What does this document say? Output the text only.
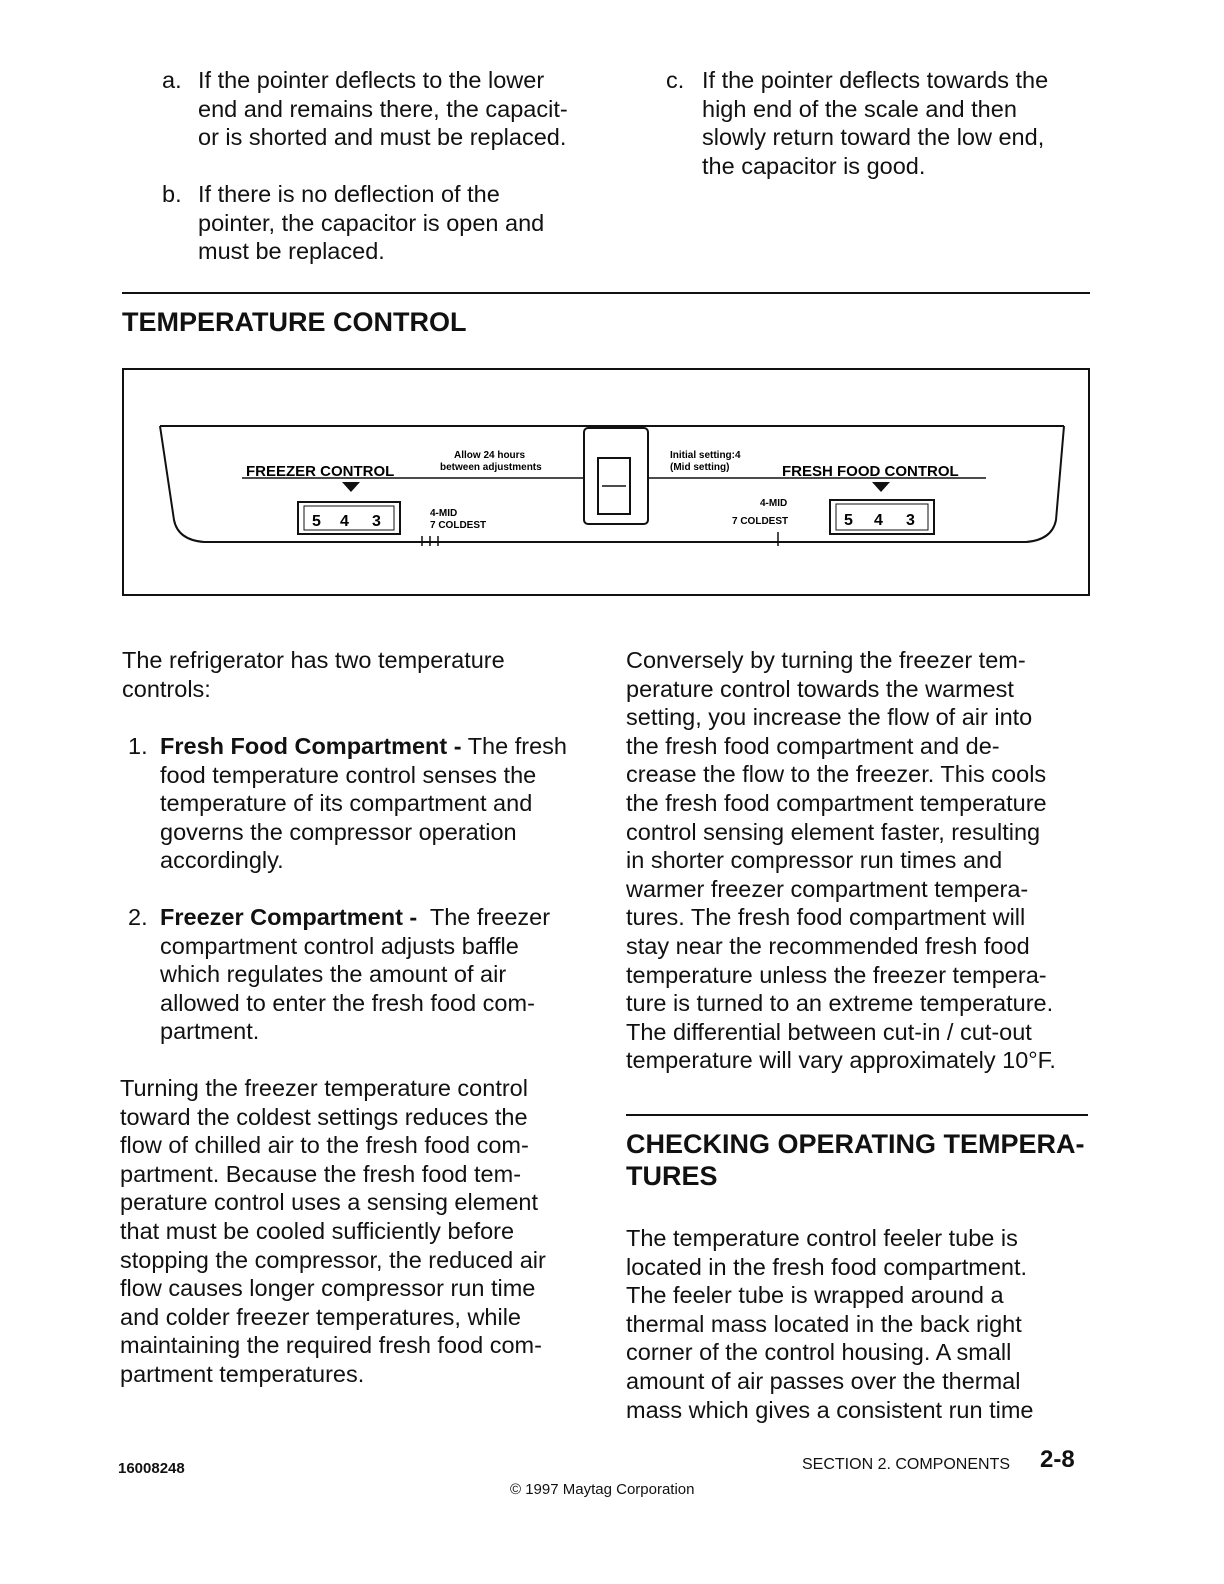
a. If the pointer deflects to the lower
end and remains there, the capacit-
or is shorted and must be replaced.
b. If there is no deflection of the
pointer, the capacitor is open and
must be replaced.
c. If the pointer deflects towards the
high end of the scale and then
slowly return toward the low end,
the capacitor is good.
TEMPERATURE CONTROL
FREEZER CONTROL
Allow 24 hours
between adjustments
5 4 3	4-MID
7 COLDEST
Initial setting:4
(Mid setting)	FRESH FOOD CONTROL
4-MID
7 COLDEST	5 4 3
The refrigerator has two temperature
controls:
1. Fresh Food Compartment - The fresh
food temperature control senses the
temperature of its compartment and
governs the compressor operation
accordingly.
2. Freezer Compartment -  The freezer
compartment control adjusts baffle
which regulates the amount of air
allowed to enter the fresh food com-
partment.
Turning the freezer temperature control
toward the coldest settings reduces the
flow of chilled air to the fresh food com-
partment. Because the fresh food tem-
perature control uses a sensing element
that must be cooled sufficiently before
stopping the compressor, the reduced air
flow causes longer compressor run time
and colder freezer temperatures, while
maintaining the required fresh food com-
partment temperatures.
Conversely by turning the freezer tem-
perature control towards the warmest
setting, you increase the flow of air into
the fresh food compartment and de-
crease the flow to the freezer. This cools
the fresh food compartment temperature
control sensing element faster, resulting
in shorter compressor run times and
warmer freezer compartment tempera-
tures. The fresh food compartment will
stay near the recommended fresh food
temperature unless the freezer tempera-
ture is turned to an extreme temperature.
The differential between cut-in / cut-out
temperature will vary approximately 10°F.
CHECKING OPERATING TEMPERA-
TURES
The temperature control feeler tube is
located in the fresh food compartment.
The feeler tube is wrapped around a
thermal mass located in the back right
corner of the control housing. A small
amount of air passes over the thermal
mass which gives a consistent run time
16008248	SECTION 2. COMPONENTS 2-8
© 1997 Maytag Corporation
